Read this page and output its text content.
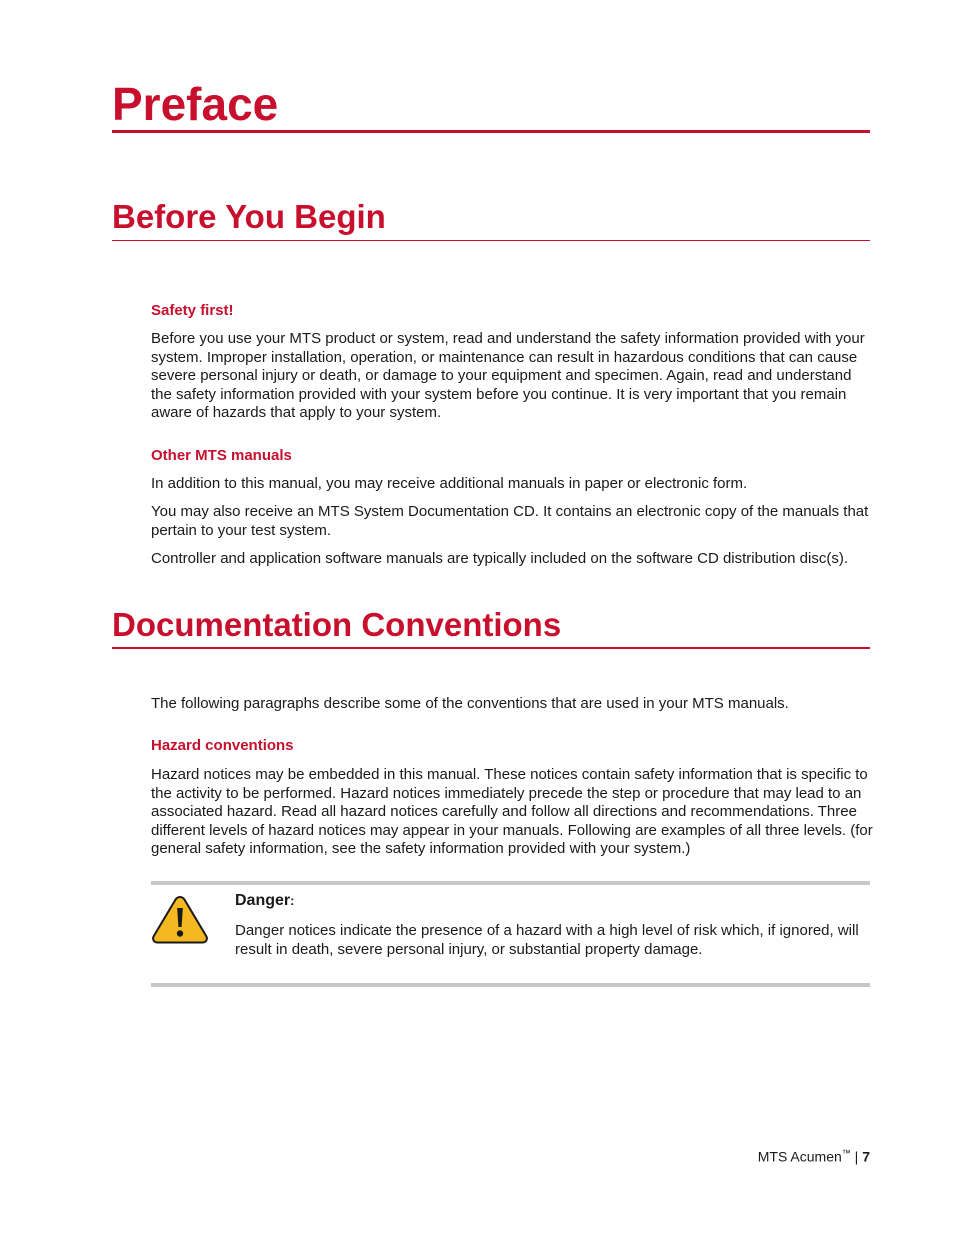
Preface
Before You Begin
Safety first!

Before you use your MTS product or system, read and understand the safety information provided with your system. Improper installation, operation, or maintenance can result in hazardous conditions that can cause severe personal injury or death, or damage to your equipment and specimen. Again, read and understand the safety information provided with your system before you continue. It is very important that you remain aware of hazards that apply to your system.

Other MTS manuals

In addition to this manual, you may receive additional manuals in paper or electronic form.

You may also receive an MTS System Documentation CD. It contains an electronic copy of the manuals that pertain to your test system.

Controller and application software manuals are typically included on the software CD distribution disc(s).

Documentation Conventions

The following paragraphs describe some of the conventions that are used in your MTS manuals.

Hazard conventions

Hazard notices may be embedded in this manual. These notices contain safety information that is specific to the activity to be performed. Hazard notices immediately precede the step or procedure that may lead to an associated hazard. Read all hazard notices carefully and follow all directions and recommendations. Three different levels of hazard notices may appear in your manuals. Following are examples of all three levels. (for general safety information, see the safety information provided with your system.)

Danger:

Danger notices indicate the presence of a hazard with a high level of risk which, if ignored, will result in death, severe personal injury, or substantial property damage.

MTS Acumen™ | 7
